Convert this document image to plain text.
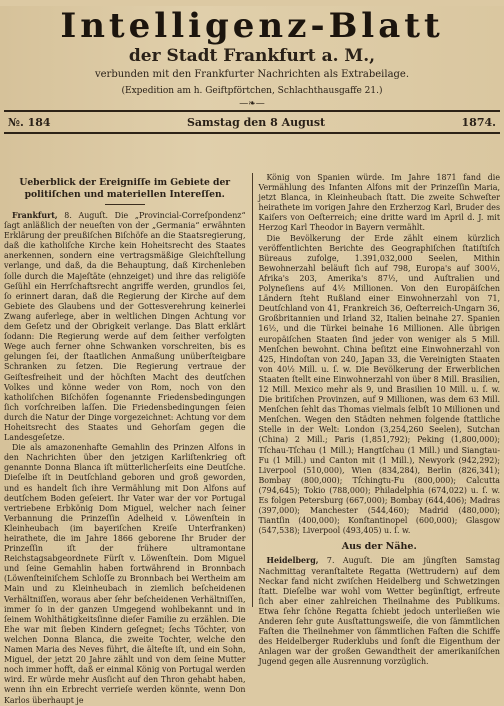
Intelligenz-Blatt
der Stadt Frankfurt a. M.,
verbunden mit den Frankfurter Nachrichten als Extrabeilage.
(Expedition am h. Geiftpförtchen, Schlachthausgaffe 21.)
—❧—
№. 184	Samstag den 8 August	1874.
Ueberblick der Ereigniſſe im Gebiete der politiſchen und materiellen Intereſſen.

Frankfurt, 8. Auguſt. Die „Provincial-Correſpondenz“ ſagt anläßlich der neueſten von der „Germania“ erwähnten Erklärung der preußiſchen Biſchöfe an die Staatsregierung, daß die katholiſche Kirche kein Hoheitsrecht des Staates anerkennen, sondern eine vertragsmäßige Gleichſtellung verlange, und daß, da die Behauptung, daß Kirchenleben ſolle durch die Majeſtäte (ehnzeiget) und ihre das religiöſe Geſühl ein Herrſchaftsrecht angriffe werden, grundlos ſei, ſo erinnert daran, daß die Regierung der Kirche auf dem Gebiete des Glaubens und der Gottesverehrung keinerlei Zwang auferlege, aber in weltlichen Dingen Achtung vor dem Geſetz und der Obrigkeit verlange. Das Blatt erklärt ſodann: Die Regierung werde auf dem ſeither verfolgten Wege auch ferner ohne Schwanken vorschreiten, bis es gelungen ſei, der ſtaatlichen Anmaßung unüberſteigbare Schranken zu ſetzen. Die Regierung vertraue der Geiſtesfreiheit und der höchſten Macht des deutſchen Volkes und könne weder von Rom, noch von den katholiſchen Biſchöfen ſogenannte Friedensbedingungen ſich vorſchreiben laſſen. Die Friedensbedingungen ſeien durch die Natur der Dinge vorgezeichnet: Achtung vor dem Hoheitsrecht des Staates und Gehorſam gegen die Landesgeſetze.

Die als amazonenhafte Gemahlin des Prinzen Alfons in den Nachrichten über den jetzigen Karliſtenkrieg oft genannte Donna Blanca iſt mütterlicherſeits eine Deutſche. Dieſelbe iſt in Deutſchland geboren und groß geworden, und es handelt ſich ihre Vermählung mit Don Alfons auf deutſchem Boden geſeiert. Ihr Vater war der vor Portugal vertriebene Erbkönig Dom Miguel, welcher nach ſeiner Verbannung die Prinzeſſin Adelheid v. Löwenſtein in Kleinheubach (im bayeriſchen Kreiſe Unterfranken) heirathete, die im Jahre 1866 geborene Ihr Bruder der Prinzeſſin iſt der frühere ultramontane Reichstagsabgeordnete Fürſt v. Löwenſtein. Dom Miguel und ſeine Gemahlin haben fortwährend in Bronnbach (Löwenſteiniſchem Schloſſe zu Bronnbach bei Wertheim am Main und zu Kleinheubach in ziemlich beſcheidenen Verhältniſſen, woraus aber ſehr beſcheidenen Verhältniſſen, immer ſo in der ganzen Umgegend wohlbekannt und in ſeinem Wohlthätigkeitsſinne dieſer Familie zu erzählen. Die Ehe war mit ſieben Kindern geſegnet; ſechs Töchter, von welchen Donna Blanca, die zweite Tochter, welche den Namen Maria des Neves führt, die älteſte iſt, und ein Sohn, Miguel, der jetzt 20 Jahre zählt und von dem ſeine Mutter noch immer hofft, daß er einmal König von Portugal werden wird. Er würde mehr Ausſicht auf den Thron gehabt haben, wenn ihn ein Erbrecht verrieſe werden könnte, wenn Don Karlos überhaupt je

König von Spanien würde. Im Jahre 1871 fand die Vermählung des Infanten Alfons mit der Prinzeſſin Maria, jetzt Blanca, in Kleinheubach ſtatt. Die zweite Schweſter heirathete im vorigen Jahre den Erzherzog Karl, Bruder des Kaiſers von Oeſterreich; eine dritte ward im April d. J. mit Herzog Karl Theodor in Bayern vermählt.

Die Bevölkerung der Erde zählt einem kürzlich veröffentlichten Berichte des Geographiſchen ſtatiſtiſch Büreaus zufolge, 1.391,032,000 Seelen, Mithin Bewohnerzahl beläuft ſich auf 798, Europa's auf 300½, Afrika's 203, Amerika's 87½, und Auſtralien und Polyneſiens auf 4½ Millionen. Von den Europäiſchen Ländern ſteht Rußland einer Einwohnerzahl von 71, Deutſchland von 41, Frankreich 36, Oeſterreich-Ungarn 36, Großbritannien und Irland 32, Italien beinahe 27. Spanien 16½, und die Türkei beinahe 16 Millionen. Alle übrigen europäiſchen Staaten ſind jeder von weniger als 5 Mill. Menſchen bewohnt. China beſitzt eine Einwohnerzahl von 425, Hindoſtan von 240, Japan 33, die Vereinigten Staaten von 40½ Mill. u. ſ. w. Die Bevölkerung der Erwerblichen Staaten ſtellt eine Einwohnerzahl von über 8 Mill. Brasilien, 12 Mill. Mexico mehr als 9, und Brasilien 10 Mill. u. ſ. w. Die britiſchen Provinzen, auf 9 Millionen, was dem 63 Mill. Menſchen ſehlt das Thomas vielmals ſelbſt 10 Millionen und Menſchen. Wegen den Städten nehmen folgende ſtattliche Stelle in der Welt: London (3,254,260 Seelen), Sutchan (China) 2 Mill.; Paris (1,851,792); Peking (1,800,000); Tſchau-Tſchau (1 Mill.); Hangtſchau (1 Mill.) und Siangtau-Fu (1 Mill.) und Canton mit (1 Mill.), Newyork (942,292); Liverpool (510,000), Wien (834,284), Berlin (826,341); Bombay (800,000); Tſchingtu-Fu (800,000); Calcutta (794,645); Tokio (788,000); Philadelphia (674,022) u. ſ. w. Es folgen Petersburg (667,000); Bombay (644,406); Madras (397,000); Manchester (544,460); Madrid (480,000); Tiantſin (400,000); Konſtantinopel (600,000); Glasgow (547,538); Liverpool (493,405) u. ſ. w.

Aus der Nähe.

Heidelberg, 7. Auguſt. Die am jüngſten Samstag Nachmittag veranſtaltete Regatta (Wettrudern) auf dem Neckar fand nicht zwiſchen Heidelberg und Schwetzingen ſtatt. Dieſelbe war wohl vom Wetter begünſtigt, erfreute ſich aber einer zahlreichen Theilnahme des Publikums. Etwa ſehr ſchöne Regatta ſchiebt jedoch unterließen wie Anderen ſehr gute Ausſtattungsweiſe, die von ſämmtlichen Faſten die Theilnehmer von ſämmtlichen Faſten die Schiffe des Heidelberger Ruderklubs und ſonſt die Eigenthum der Anlagen war der großen Gewandtheit der amerikaniſchen Jugend gegen alle Ausrennung vorzüglich.
